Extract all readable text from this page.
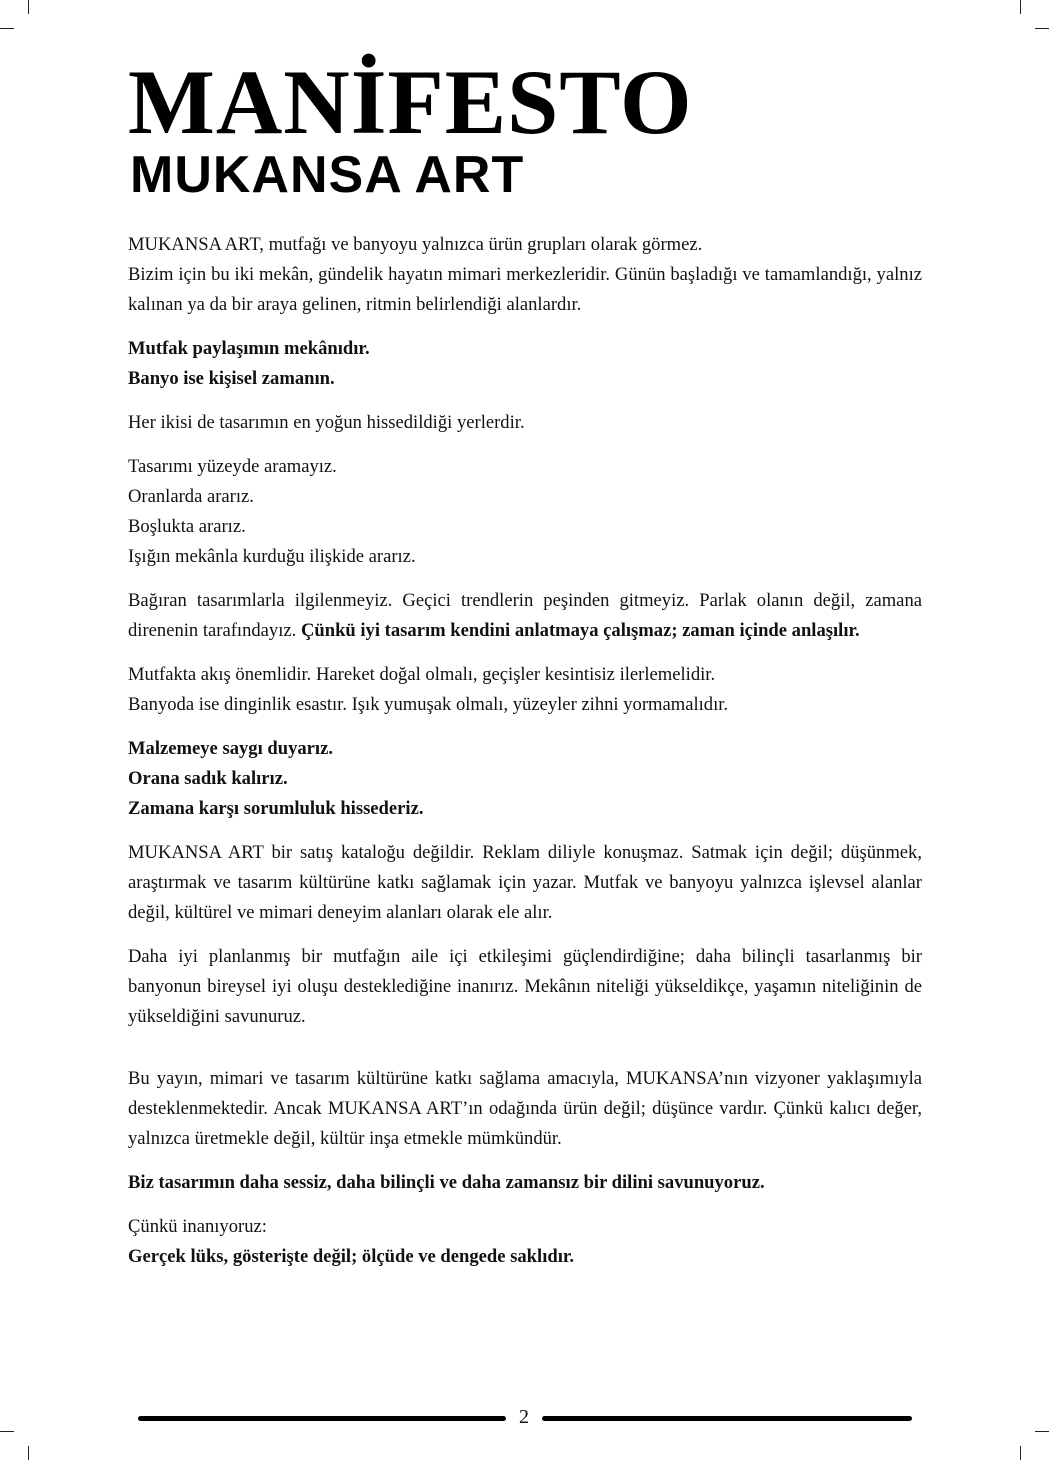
MANİFESTO
MUKANSA ART

MUKANSA ART, mutfağı ve banyoyu yalnızca ürün grupları olarak görmez.
Bizim için bu iki mekân, gündelik hayatın mimari merkezleridir. Günün başladığı ve tamamlandığı, yalnız kalınan ya da bir araya gelinen, ritmin belirlendiği alanlardır.

Mutfak paylaşımın mekânıdır.
Banyo ise kişisel zamanın.

Her ikisi de tasarımın en yoğun hissedildiği yerlerdir.

Tasarımı yüzeyde aramayız.
Oranlarda ararız.
Boşlukta ararız.
Işığın mekânla kurduğu ilişkide ararız.

Bağıran tasarımlarla ilgilenmeyiz. Geçici trendlerin peşinden gitmeyiz. Parlak olanın değil, zamana direnenin tarafındayız. Çünkü iyi tasarım kendini anlatmaya çalışmaz; zaman içinde anlaşılır.

Mutfakta akış önemlidir. Hareket doğal olmalı, geçişler kesintisiz ilerlemelidir.
Banyoda ise dinginlik esastır. Işık yumuşak olmalı, yüzeyler zihni yormamalıdır.

Malzemeye saygı duyarız.
Orana sadık kalırız.
Zamana karşı sorumluluk hissederiz.

MUKANSA ART bir satış kataloğu değildir. Reklam diliyle konuşmaz. Satmak için değil; düşünmek, araştırmak ve tasarım kültürüne katkı sağlamak için yazar. Mutfak ve banyoyu yalnızca işlevsel alanlar değil, kültürel ve mimari deneyim alanları olarak ele alır.

Daha iyi planlanmış bir mutfağın aile içi etkileşimi güçlendirdiğine; daha bilinçli tasarlanmış bir banyonun bireysel iyi oluşu desteklediğine inanırız. Mekânın niteliği yükseldikçe, yaşamın niteliğinin de yükseldiğini savunuruz.

Bu yayın, mimari ve tasarım kültürüne katkı sağlama amacıyla, MUKANSA’nın vizyoner yaklaşımıyla desteklenmektedir. Ancak MUKANSA ART’ın odağında ürün değil; düşünce vardır. Çünkü kalıcı değer, yalnızca üretmekle değil, kültür inşa etmekle mümkündür.

Biz tasarımın daha sessiz, daha bilinçli ve daha zamansız bir dilini savunuyoruz.

Çünkü inanıyoruz:
Gerçek lüks, gösterişte değil; ölçüde ve dengede saklıdır.

2
